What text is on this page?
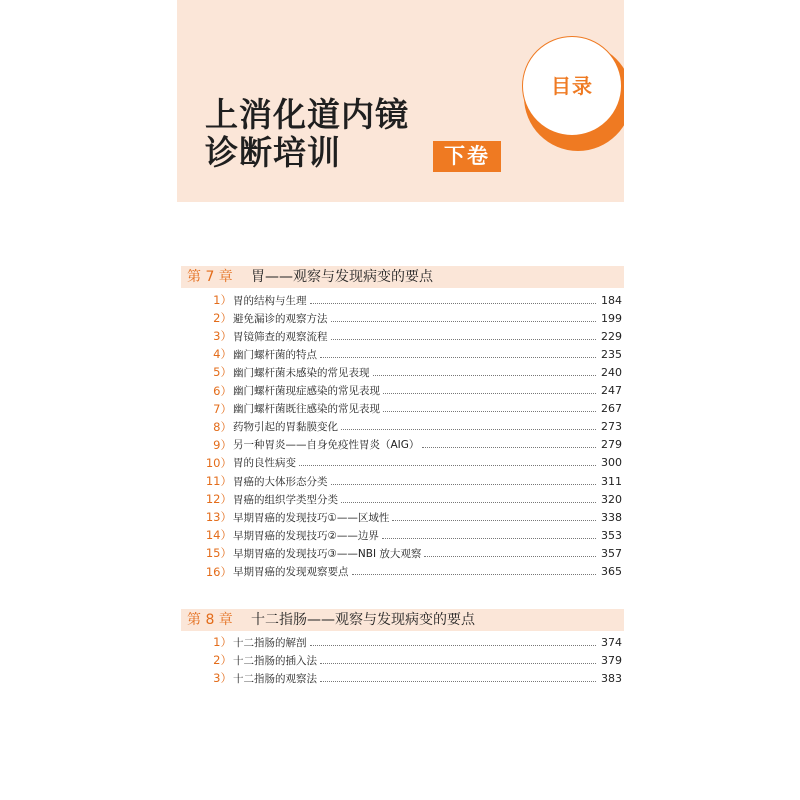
上消化道内镜
诊断培训	下卷
目录
第 7 章 胃——观察与发现病变的要点
1） 胃的结构与生理	184
2） 避免漏诊的观察方法	199
3） 胃镜筛查的观察流程	229
4） 幽门螺杆菌的特点	235
5） 幽门螺杆菌未感染的常见表现	240
6） 幽门螺杆菌现症感染的常见表现	247
7） 幽门螺杆菌既往感染的常见表现	267
8） 药物引起的胃黏膜变化	273
9） 另一种胃炎——自身免疫性胃炎（AIG）	279
10） 胃的良性病变	300
11） 胃癌的大体形态分类	311
12） 胃癌的组织学类型分类	320
13） 早期胃癌的发现技巧①——区域性	338
14） 早期胃癌的发现技巧②——边界	353
15） 早期胃癌的发现技巧③——NBI 放大观察	357
16） 早期胃癌的发现观察要点	365
第 8 章 十二指肠——观察与发现病变的要点
1） 十二指肠的解剖	374
2） 十二指肠的插入法	379
3） 十二指肠的观察法	383
